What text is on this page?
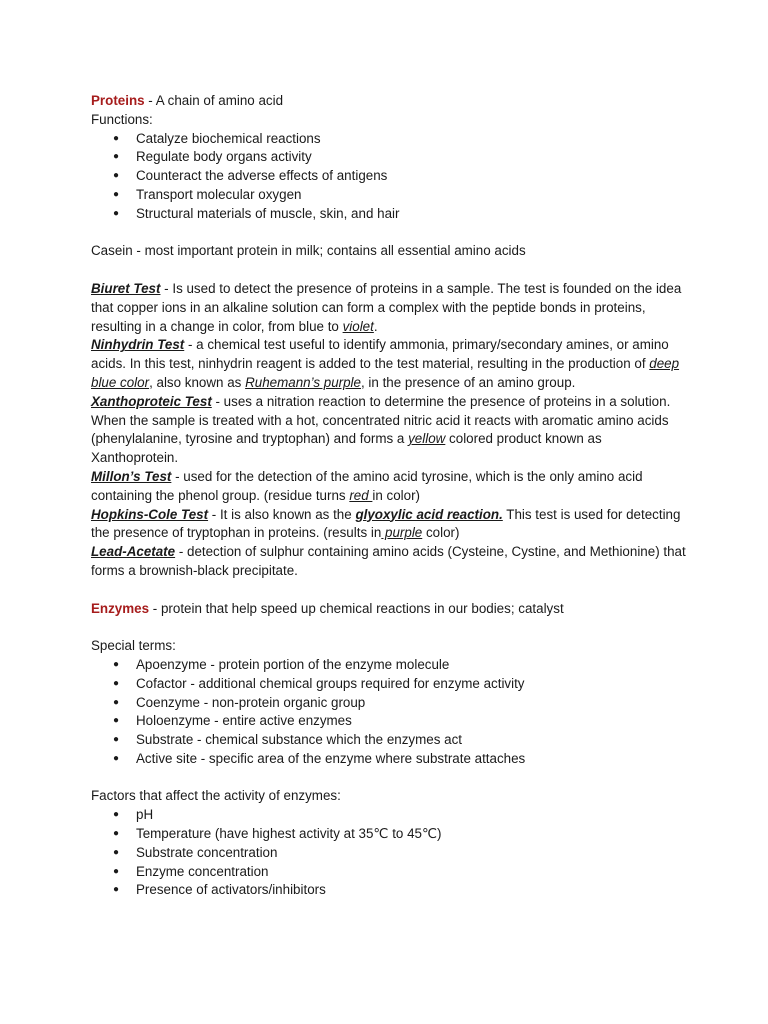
Proteins - A chain of amino acid

Functions:

● Catalyze biochemical reactions
● Regulate body organs activity
● Counteract the adverse effects of antigens
● Transport molecular oxygen
● Structural materials of muscle, skin, and hair

Casein - most important protein in milk; contains all essential amino acids

Biuret Test - Is used to detect the presence of proteins in a sample. The test is founded on the idea that copper ions in an alkaline solution can form a complex with the peptide bonds in proteins, resulting in a change in color, from blue to violet.

Ninhydrin Test - a chemical test useful to identify ammonia, primary/secondary amines, or amino acids. In this test, ninhydrin reagent is added to the test material, resulting in the production of deep blue color, also known as Ruhemann’s purple, in the presence of an amino group.

Xanthoproteic Test - uses a nitration reaction to determine the presence of proteins in a solution. When the sample is treated with a hot, concentrated nitric acid it reacts with aromatic amino acids (phenylalanine, tyrosine and tryptophan) and forms a yellow colored product known as Xanthoprotein.

Millon’s Test - used for the detection of the amino acid tyrosine, which is the only amino acid containing the phenol group. (residue turns red in color)

Hopkins-Cole Test - It is also known as the glyoxylic acid reaction. This test is used for detecting the presence of tryptophan in proteins. (results in purple color)

Lead-Acetate - detection of sulphur containing amino acids (Cysteine, Cystine, and Methionine) that forms a brownish-black precipitate.

Enzymes - protein that help speed up chemical reactions in our bodies; catalyst

Special terms:

● Apoenzyme - protein portion of the enzyme molecule
● Cofactor - additional chemical groups required for enzyme activity
● Coenzyme - non-protein organic group
● Holoenzyme - entire active enzymes
● Substrate - chemical substance which the enzymes act
● Active site - specific area of the enzyme where substrate attaches

Factors that affect the activity of enzymes:

● pH
● Temperature (have highest activity at 35℃ to 45℃)
● Substrate concentration
● Enzyme concentration
● Presence of activators/inhibitors
